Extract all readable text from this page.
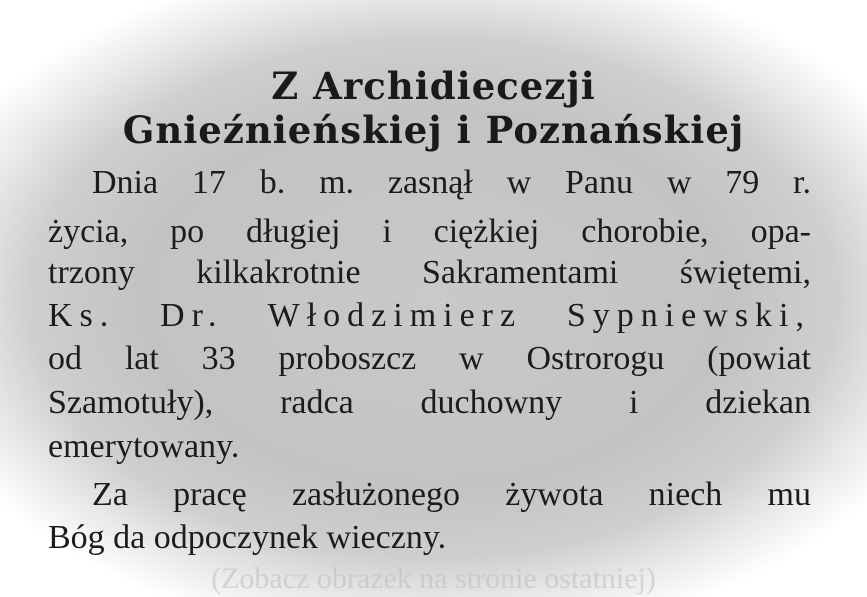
Z Archidiecezji
Gnieźnieńskiej i Poznańskiej
Dnia 17 b. m. zasnął w Panu w 79 r.
życia, po długiej i ciężkiej chorobie, opa-
trzony kilkakrotnie Sakramentami świętemi,
Ks. Dr. Włodzimierz Sypniewski,
od lat 33 proboszcz w Ostrorogu (powiat
Szamotuły), radca duchowny i dziekan
emerytowany.
Za pracę zasłużonego żywota niech mu
Bóg da odpoczynek wieczny.
(Zobacz obrazek na stronie ostatniej)
